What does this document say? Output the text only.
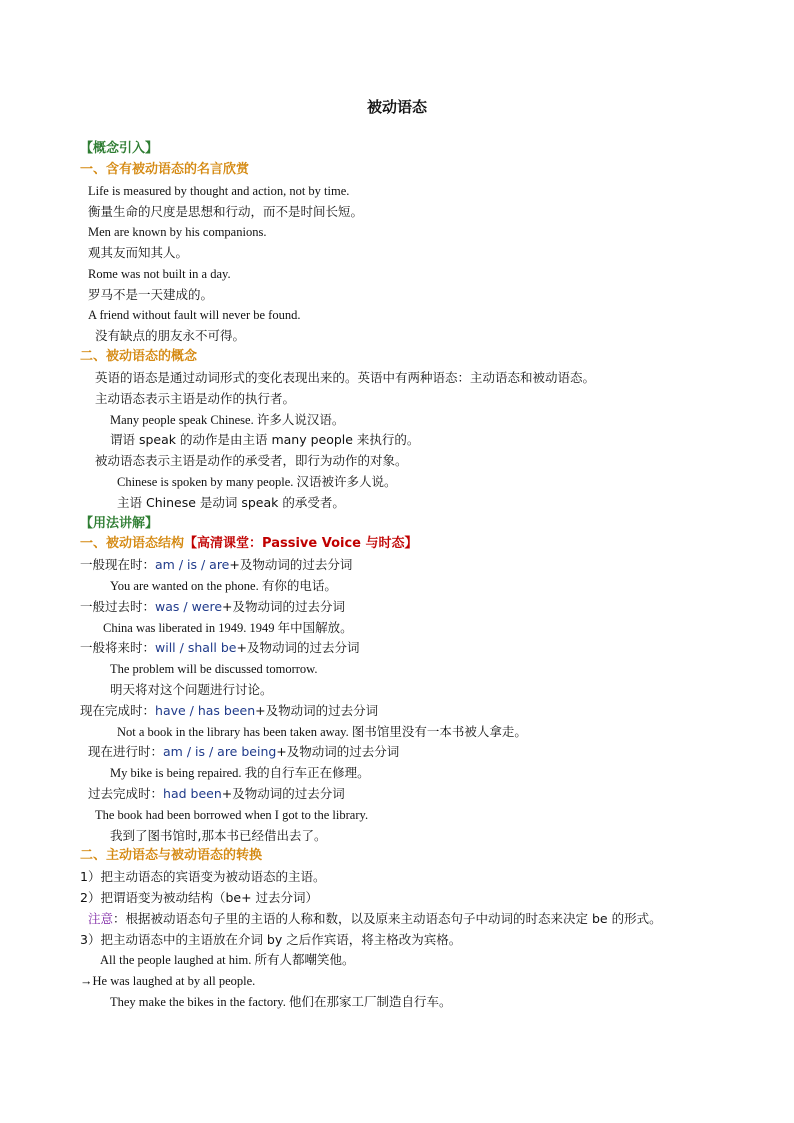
被动语态
【概念引入】
一、含有被动语态的名言欣赏
Life is measured by thought and action, not by time.
衡量生命的尺度是思想和行动，而不是时间长短。
Men are known by his companions.
观其友而知其人。
Rome was not built in a day.
罗马不是一天建成的。
A friend without fault will never be found.
没有缺点的朋友永不可得。
二、被动语态的概念
英语的语态是通过动词形式的变化表现出来的。英语中有两种语态：主动语态和被动语态。
主动语态表示主语是动作的执行者。
Many people speak Chinese. 许多人说汉语。
谓语 speak 的动作是由主语 many people 来执行的。
被动语态表示主语是动作的承受者，即行为动作的对象。
Chinese is spoken by many people. 汉语被许多人说。
主语 Chinese 是动词 speak 的承受者。
【用法讲解】
一、被动语态结构【高清课堂：Passive Voice 与时态】
一般现在时：am / is / are+及物动词的过去分词
You are wanted on the phone. 有你的电话。
一般过去时：was / were+及物动词的过去分词
China was liberated in 1949. 1949 年中国解放。
一般将来时：will / shall be+及物动词的过去分词
The problem will be discussed tomorrow.
明天将对这个问题进行讨论。
现在完成时：have / has been+及物动词的过去分词
Not a book in the library has been taken away. 图书馆里没有一本书被人拿走。
现在进行时：am / is / are being+及物动词的过去分词
My bike is being repaired. 我的自行车正在修理。
过去完成时：had been+及物动词的过去分词
The book had been borrowed when I got to the library.
我到了图书馆时,那本书已经借出去了。
二、主动语态与被动语态的转换
1）把主动语态的宾语变为被动语态的主语。
2）把谓语变为被动结构（be+ 过去分词）
注意：根据被动语态句子里的主语的人称和数，以及原来主动语态句子中动词的时态来决定 be 的形式。
3）把主动语态中的主语放在介词 by 之后作宾语，将主格改为宾格。
All the people laughed at him. 所有人都嘲笑他。
→He was laughed at by all people.
They make the bikes in the factory. 他们在那家工厂制造自行车。
